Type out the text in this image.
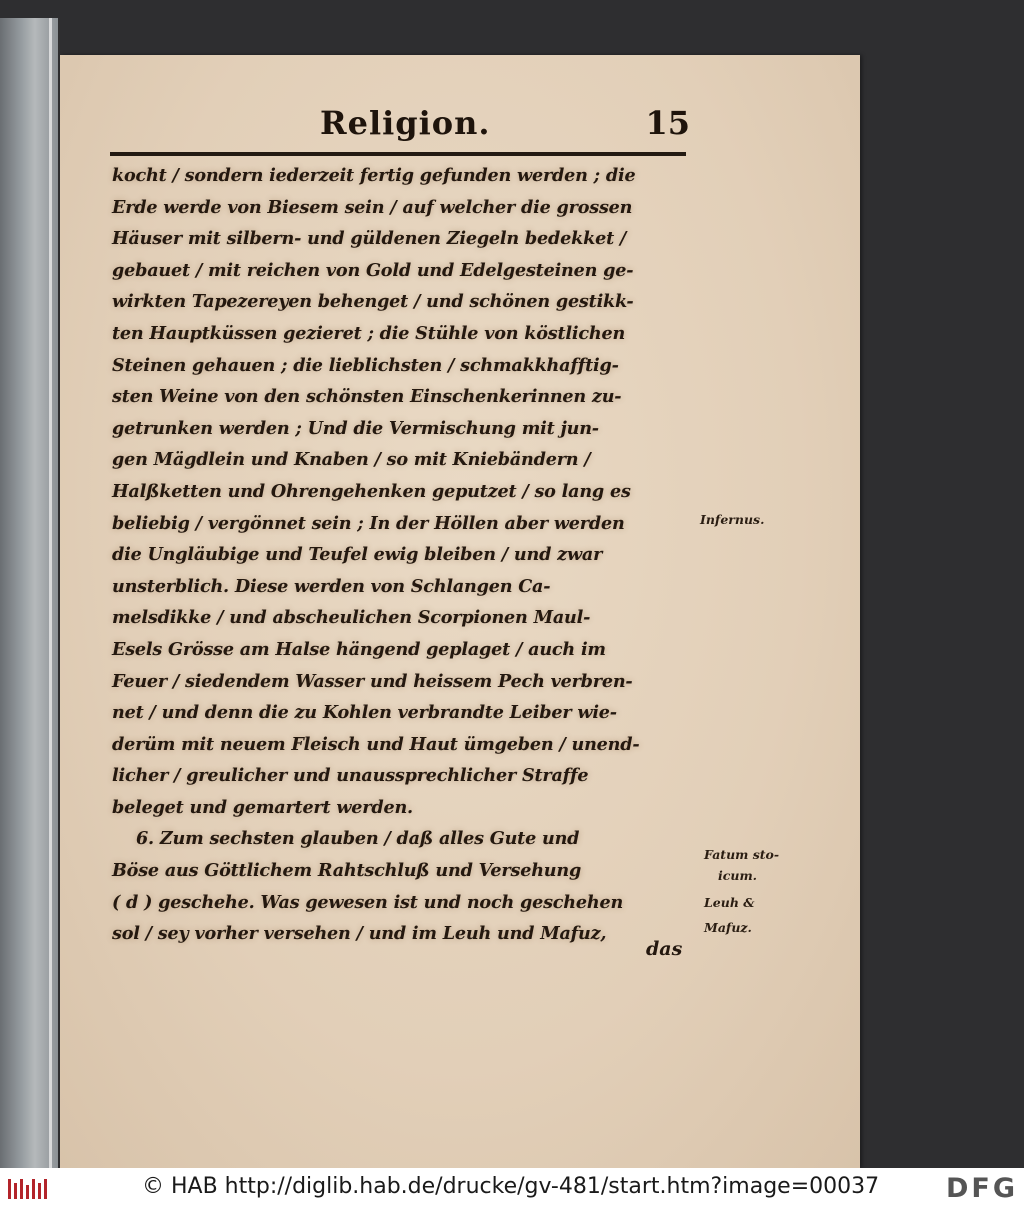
Religion.	15
kocht / sondern iederzeit fertig gefunden werden ; die
Erde werde von Biesem sein / auf welcher die grossen
Häuser mit silbern- und güldenen Ziegeln bedekket /
gebauet / mit reichen von Gold und Edelgesteinen ge-
wirkten Tapezereyen behenget / und schönen gestikk-
ten Hauptküssen gezieret ; die Stühle von köstlichen
Steinen gehauen ; die lieblichsten / schmakkhafftig-
sten Weine von den schönsten Einschenkerinnen zu-
getrunken werden ; Und die Vermischung mit jun-
gen Mägdlein und Knaben / so mit Kniebändern /
Halßketten und Ohrengehenken geputzet / so lang es
beliebig / vergönnet sein ; In der Höllen aber werden
die Ungläubige und Teufel ewig bleiben / und zwar
unsterblich. Diese werden von Schlangen Ca-
melsdikke / und abscheulichen Scorpionen Maul-
Esels Grösse am Halse hängend geplaget / auch im
Feuer / siedendem Wasser und heissem Pech verbren-
net / und denn die zu Kohlen verbrandte Leiber wie-
derüm mit neuem Fleisch und Haut ümgeben / unend-
licher / greulicher und unaussprechlicher Straffe
beleget und gemartert werden.
6. Zum sechsten glauben / daß alles Gute und
Böse aus Göttlichem Rahtschluß und Versehung
( d ) geschehe. Was gewesen ist und noch geschehen
sol / sey vorher versehen / und im Leuh und Mafuz,
das
Infernus.
Fatum sto-
icum.
Leuh &
Mafuz.
© HAB http://diglib.hab.de/drucke/gv-481/start.htm?image=00037 DFG
